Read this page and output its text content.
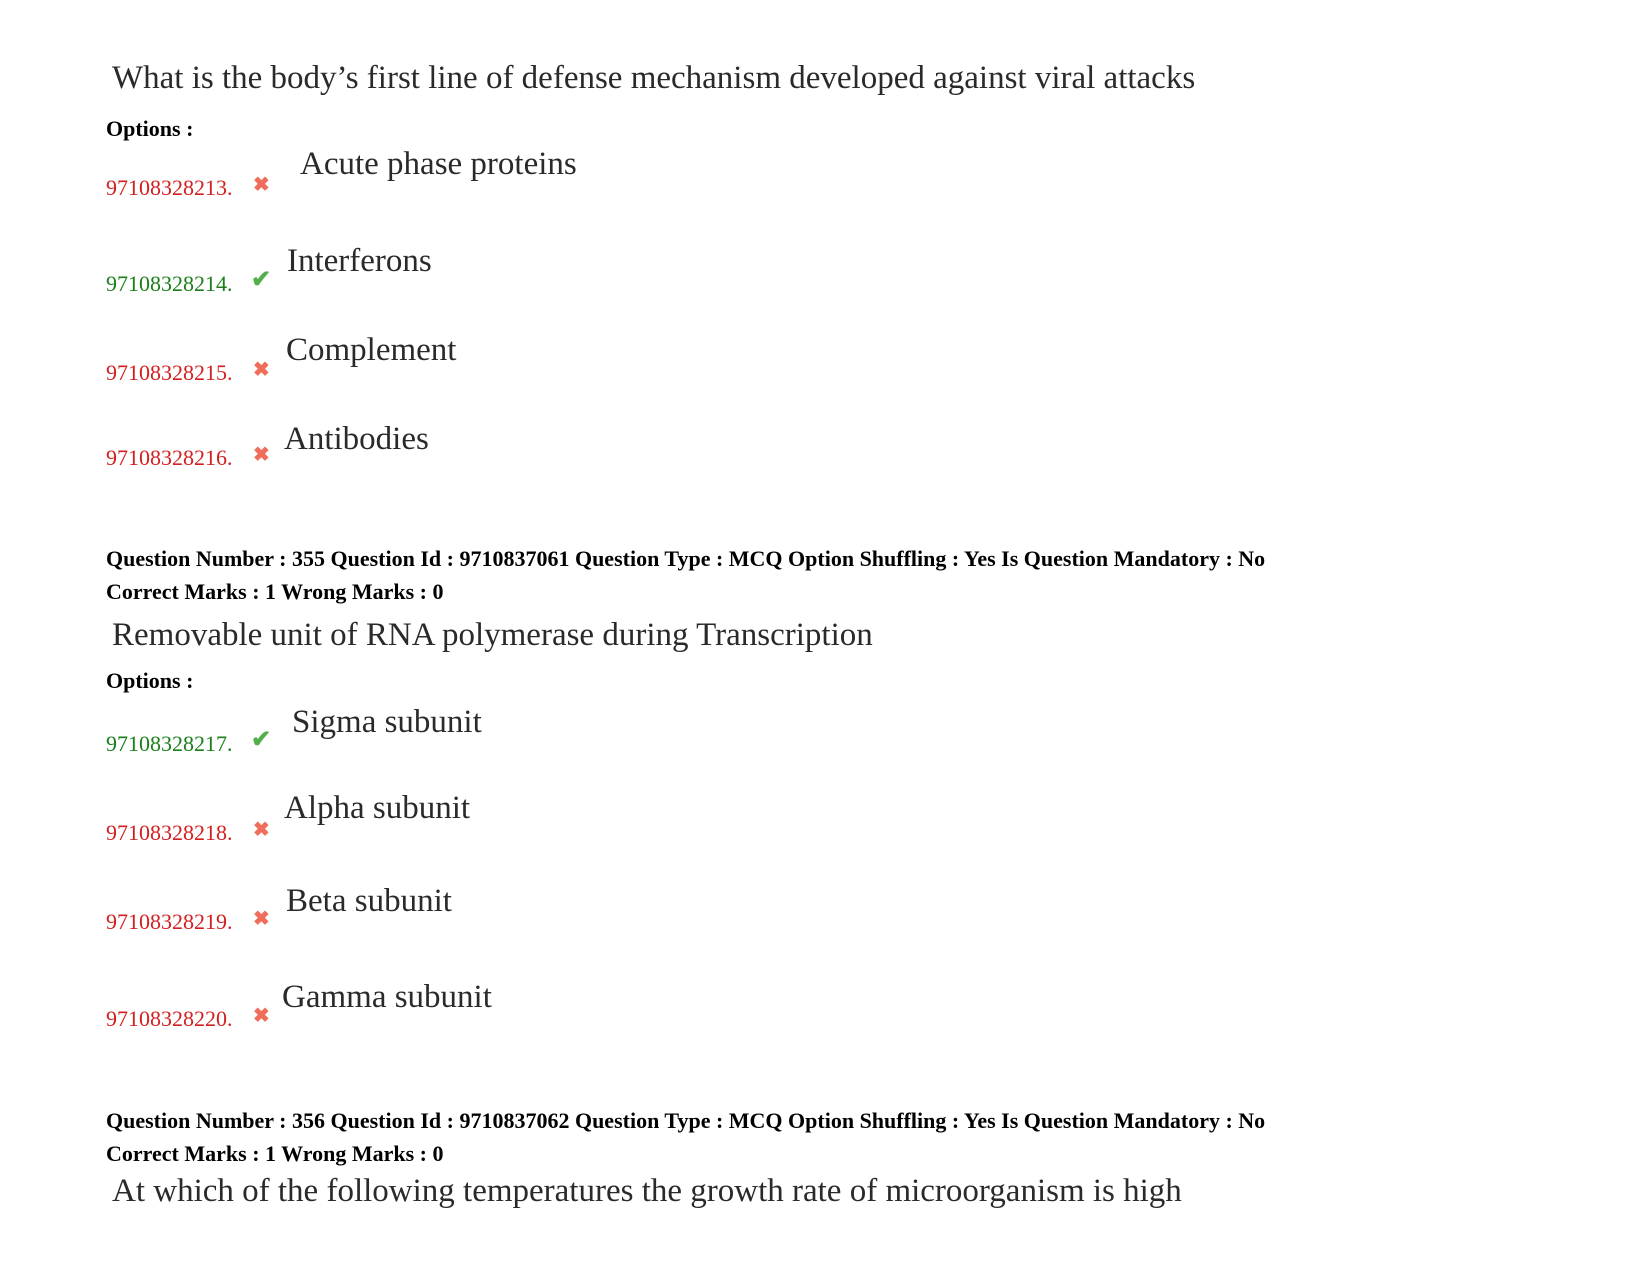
What is the body’s first line of defense mechanism developed against viral attacks
Options :
97108328213. ✖
Acute phase proteins
97108328214. ✔
Interferons
97108328215. ✖
Complement
97108328216. ✖ Antibodies
Question Number : 355 Question Id : 9710837061 Question Type : MCQ Option Shuffling : Yes Is Question Mandatory : No
Correct Marks : 1 Wrong Marks : 0
Removable unit of RNA polymerase during Transcription
Options :
97108328217. ✔ Sigma subunit
97108328218. ✖
Alpha subunit
97108328219. ✖ Beta subunit
97108328220. ✖
Gamma subunit
Question Number : 356 Question Id : 9710837062 Question Type : MCQ Option Shuffling : Yes Is Question Mandatory : No
Correct Marks : 1 Wrong Marks : 0
At which of the following temperatures the growth rate of microorganism is high
